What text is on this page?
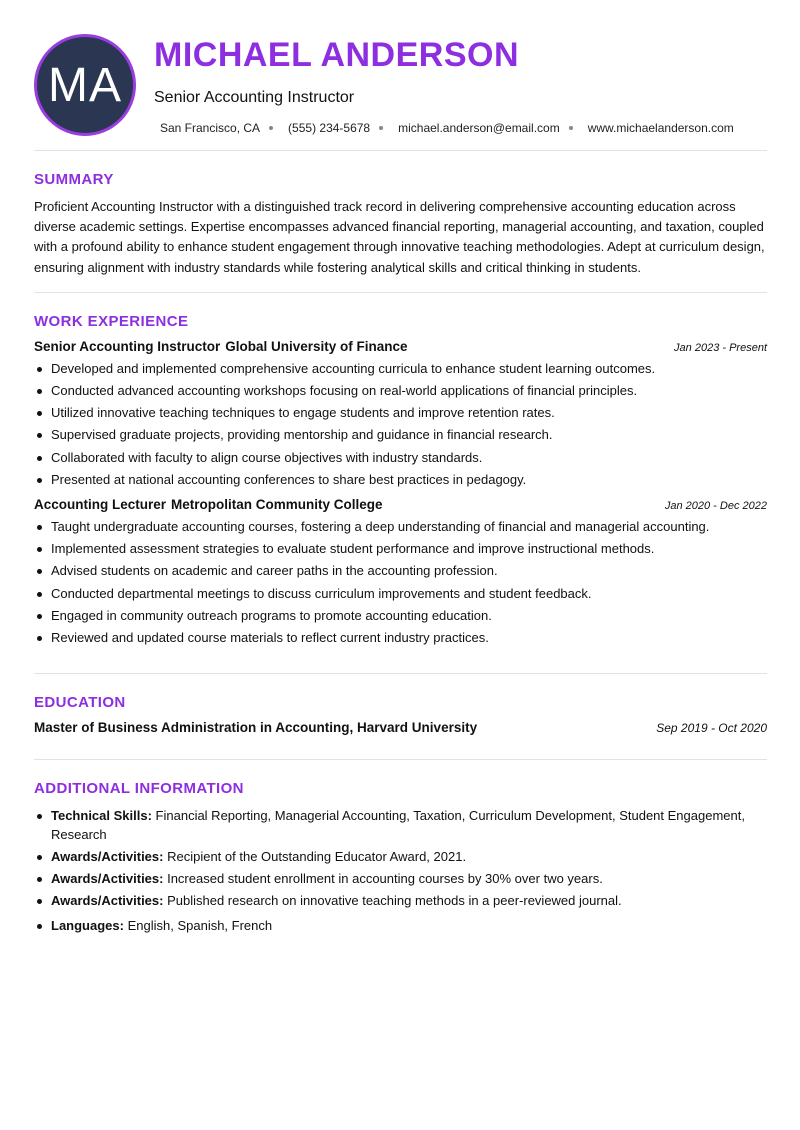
MA
MICHAEL ANDERSON
Senior Accounting Instructor
San Francisco, CA (555) 234-5678 michael.anderson@email.com www.michaelanderson.com
SUMMARY

Proficient Accounting Instructor with a distinguished track record in delivering comprehensive accounting education across diverse academic settings. Expertise encompasses advanced financial reporting, managerial accounting, and taxation, coupled with a profound ability to enhance student engagement through innovative teaching methodologies. Adept at curriculum design, ensuring alignment with industry standards while fostering analytical skills and critical thinking in students.

WORK EXPERIENCE
Senior Accounting Instructor Global University of Finance	Jan 2023 - Present
Developed and implemented comprehensive accounting curricula to enhance student learning outcomes.
Conducted advanced accounting workshops focusing on real-world applications of financial principles.
Utilized innovative teaching techniques to engage students and improve retention rates.
Supervised graduate projects, providing mentorship and guidance in financial research.
Collaborated with faculty to align course objectives with industry standards.
Presented at national accounting conferences to share best practices in pedagogy.
Accounting Lecturer Metropolitan Community College	Jan 2020 - Dec 2022
Taught undergraduate accounting courses, fostering a deep understanding of financial and managerial accounting.
Implemented assessment strategies to evaluate student performance and improve instructional methods.
Advised students on academic and career paths in the accounting profession.
Conducted departmental meetings to discuss curriculum improvements and student feedback.
Engaged in community outreach programs to promote accounting education.
Reviewed and updated course materials to reflect current industry practices.
EDUCATION
Master of Business Administration in Accounting, Harvard University	Sep 2019 - Oct 2020
ADDITIONAL INFORMATION
Technical Skills: Financial Reporting, Managerial Accounting, Taxation, Curriculum Development, Student Engagement, Research
Awards/Activities: Recipient of the Outstanding Educator Award, 2021.
Awards/Activities: Increased student enrollment in accounting courses by 30% over two years.
Awards/Activities: Published research on innovative teaching methods in a peer-reviewed journal.
Languages: English, Spanish, French
